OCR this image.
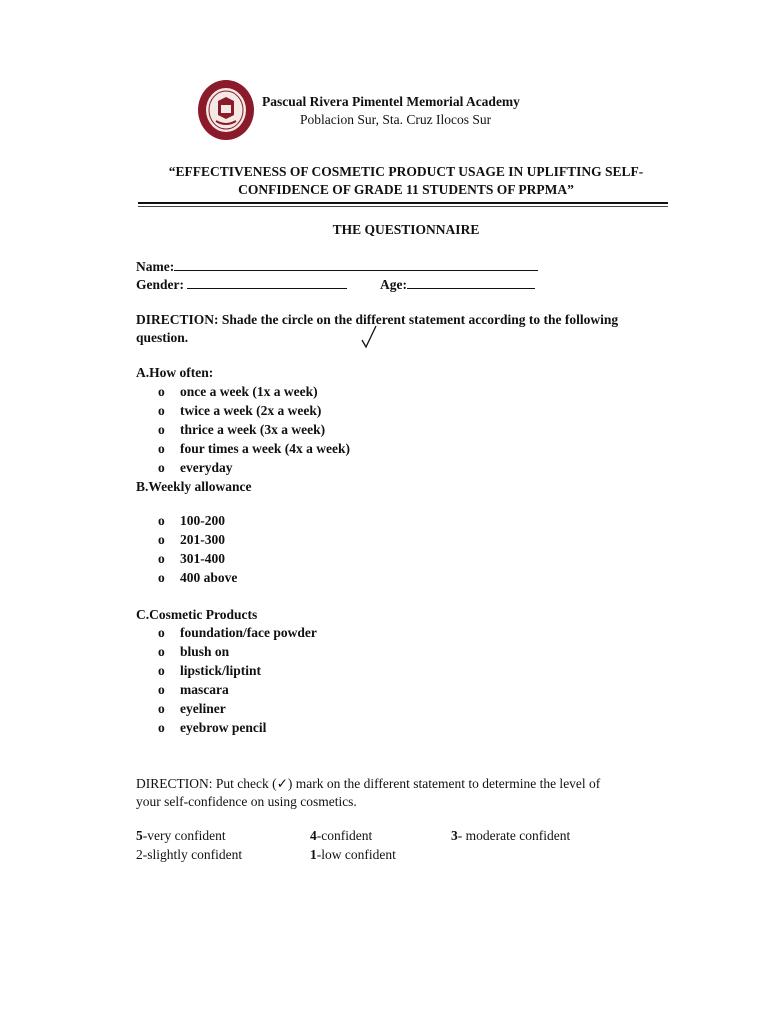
Pascual Rivera Pimentel Memorial Academy
Poblacion Sur, Sta. Cruz Ilocos Sur
“EFFECTIVENESS OF COSMETIC PRODUCT USAGE IN UPLIFTING SELF-
CONFIDENCE OF GRADE 11 STUDENTS OF PRPMA”
THE QUESTIONNAIRE
Name:
Gender:	Age:
DIRECTION: Shade the circle on the different statement according to the following
question.
A.How often:
o once a week (1x a week)
o twice a week (2x a week)
o thrice a week (3x a week)
o four times a week (4x a week)
o everyday
B.Weekly allowance
o 100-200
o 201-300
o 301-400
o 400 above
C.Cosmetic Products
o foundation/face powder
o blush on
o lipstick/liptint
o mascara
o eyeliner
o eyebrow pencil
DIRECTION: Put check (✓) mark on the different statement to determine the level of
your self-confidence on using cosmetics.
5-very confident	4-confident	3- moderate confident
2-slightly confident	1-low confident
